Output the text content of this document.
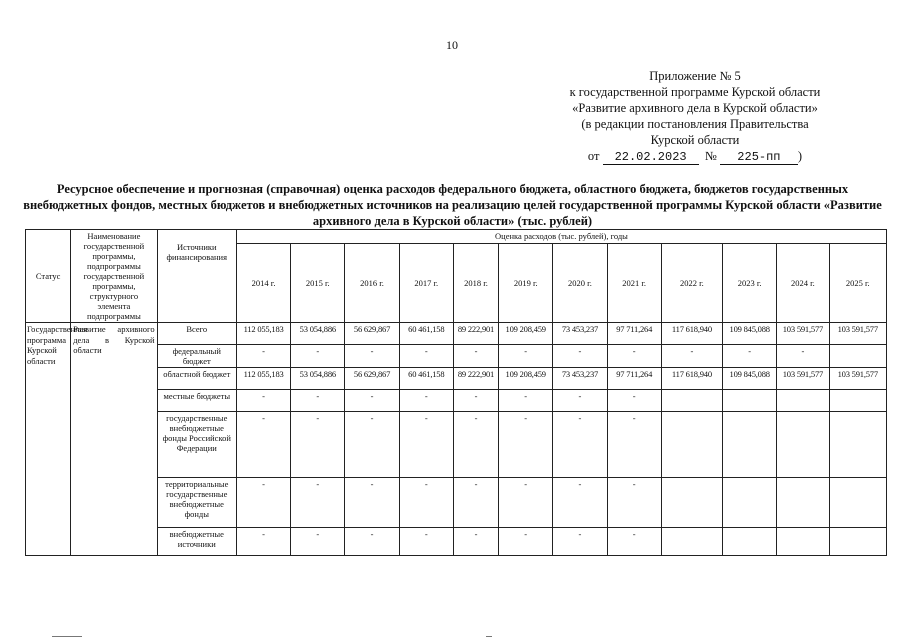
10
Приложение № 5
к государственной программе Курской области
«Развитие архивного дела в Курской области»
(в редакции постановления Правительства
Курской области
от 22.02.2023 № 225-пп )
Ресурсное обеспечение и прогнозная (справочная) оценка расходов федерального бюджета, областного бюджета, бюджетов государственных внебюджетных фондов, местных бюджетов и внебюджетных источников на реализацию целей государственной программы Курской области «Развитие архивного дела в Курской области» (тыс. рублей)
Статус	Наименование государственной программы, подпрограммы государственной программы, структурного элемента подпрограммы	Источники финансирования	Оценка расходов (тыс. рублей), годы											
			2014 г.	2015 г.	2016 г.	2017 г.	2018 г.	2019 г.	2020 г.	2021 г.	2022 г.	2023 г.	2024 г.	2025 г.
Государственная программа Курской области	Развитие архивного дела в Курской области	Всего	112 055,183	53 054,886	56 629,867	60 461,158	89 222,901	109 208,459	73 453,237	97 711,264	117 618,940	109 845,088	103 591,577	103 591,577
		федеральный бюджет	-	-	-	-	-	-	-	-	-	-	-	
		областной бюджет	112 055,183	53 054,886	56 629,867	60 461,158	89 222,901	109 208,459	73 453,237	97 711,264	117 618,940	109 845,088	103 591,577	103 591,577
		местные бюджеты	-	-	-	-	-	-	-	-				
		государственные внебюджетные фонды Российской Федерации	-	-	-	-	-	-	-	-				
		территориальные государственные внебюджетные фонды	-	-	-	-	-	-	-	-				
		внебюджетные источники	-	-	-	-	-	-	-	-				
